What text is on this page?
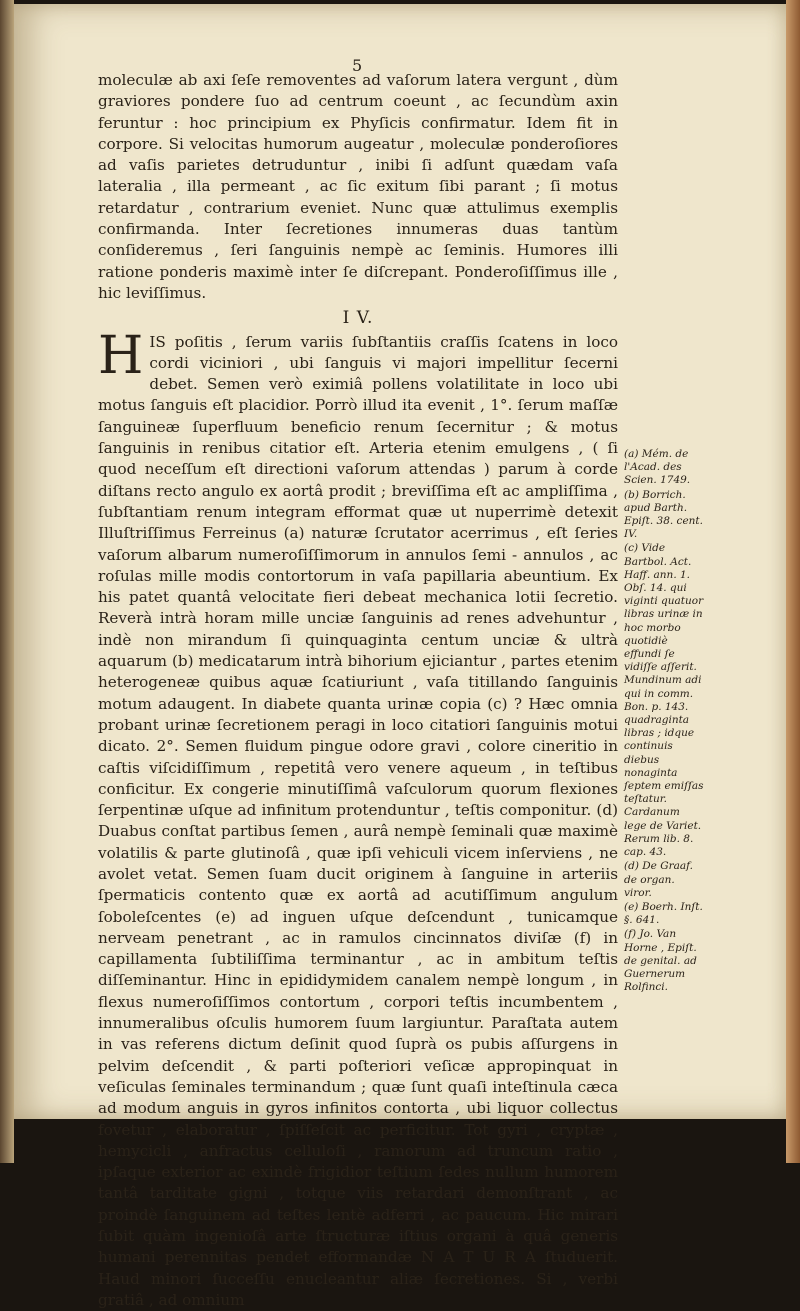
5

moleculæ ab axi ſeſe removentes ad vaſorum latera vergunt , dùm graviores pondere ſuo ad centrum coeunt , ac ſecundùm axin feruntur : hoc principium ex Phyſicis confirmatur. Idem fit in corpore. Si velocitas humorum augeatur , moleculæ ponderoſiores ad vaſis parietes detruduntur , inibi ſi adſunt quædam vaſa lateralia , illa permeant , ac ſic exitum ſibi parant ; ſi motus retardatur , contrarium eveniet. Nunc quæ attulimus exemplis confirmanda. Inter ſecretiones innumeras duas tantùm conſideremus , ſeri ſanguinis nempè ac ſeminis. Humores illi ratione ponderis maximè inter ſe diſcrepant. Ponderoſiſſimus ille , hic leviſſimus.

I V.

HIS poſitis , ſerum variis ſubſtantiis craſſis ſcatens in loco cordi viciniori , ubi ſanguis vi majori impellitur ſecerni debet. Semen verò eximiâ pollens volatilitate in loco ubi motus ſanguis eſt placidior. Porrò illud ita evenit , 1°. ſerum maſſæ ſanguineæ ſuperfluum beneficio renum ſecernitur ; & motus ſanguinis in renibus citatior eſt. Arteria etenim emulgens , ( ſi quod neceſſum eſt directioni vaſorum attendas ) parum à corde diſtans recto angulo ex aortâ prodit ; breviſſima eſt ac ampliſſima , ſubſtantiam renum integram efformat quæ ut nuperrimè detexit Illuſtriſſimus Ferreinus (a) naturæ ſcrutator acerrimus , eſt ſeries vaſorum albarum numeroſiſſimorum in annulos ſemi - annulos , ac roſulas mille modis contortorum in vaſa papillaria abeuntium. Ex his patet quantâ velocitate fieri debeat mechanica lotii ſecretio. Reverà intrà horam mille unciæ ſanguinis ad renes advehuntur , indè non mirandum ſi quinquaginta centum unciæ & ultrà aquarum (b) medicatarum intrà bihorium ejiciantur , partes etenim heterogeneæ quibus aquæ ſcatiuriunt , vaſa titillando ſanguinis motum adaugent. In diabete quanta urinæ copia (c) ? Hæc omnia probant urinæ ſecretionem peragi in loco citatiori ſanguinis motui dicato. 2°. Semen fluidum pingue odore gravi , colore cineritio in caſtis viſcidiſſimum , repetitâ vero venere aqueum , in teſtibus conficitur. Ex congerie minutiſſimâ vaſculorum quorum flexiones ſerpentinæ uſque ad infinitum protenduntur , teſtis componitur. (d) Duabus conſtat partibus ſemen , aurâ nempè ſeminali quæ maximè volatilis & parte glutinoſâ , quæ ipſi vehiculi vicem inſerviens , ne avolet vetat. Semen ſuam ducit originem à ſanguine in arteriis ſpermaticis contento quæ ex aortâ ad acutiſſimum angulum ſoboleſcentes (e) ad inguen uſque deſcendunt , tunicamque nerveam penetrant , ac in ramulos cincinnatos diviſæ (f) in capillamenta ſubtiliſſima terminantur , ac in ambitum teſtis diſſeminantur. Hinc in epididymidem canalem nempè longum , in flexus numeroſiſſimos contortum , corpori teſtis incumbentem , innumeralibus oſculis humorem ſuum largiuntur. Paraſtata autem in vas referens dictum deſinit quod ſuprà os pubis aſſurgens in pelvim deſcendit , & parti poſteriori veſicæ appropinquat in veſiculas ſeminales terminandum ; quæ ſunt quaſi inteſtinula cæca ad modum anguis in gyros infinitos contorta , ubi liquor collectus fovetur , elaboratur , ſpiſſeſcit ac perficitur. Tot gyri , cryptæ , hemycicli , anfractus celluloſi , ramorum ad truncum ratio , ipſaque exterior ac exindè frigidior teſtium ſedes nullum humorem tantâ tarditate gigni , totque viis retardari demonſtrant , ac proindè ſanguinem ad teſtes lentè adferri , ac paucum. Hic mirari ſubit quàm ingenioſâ arte ſtructuræ iſtius organi à quâ generis humani perennitas pendet efformandæ N A T U R A ſtuduerit. Haud minori ſucceſſu enucleantur aliæ ſecretiones. Si , verbi gratiâ , ad omnium

(a) Mém. de l'Acad. des Scien. 1749.
(b) Borrich. apud Barth. Epiſt. 38. cent. IV.
(c) Vide Bartbol. Act. Haff. ann. 1. Obſ. 14. qui viginti quatuor libras urinæ in hoc morbo quotidiè effundi ſe vidiſſe aſſerit. Mundinum adi qui in comm. Bon. p. 143. quadraginta libras ; idque continuis diebus nonaginta ſeptem emiſſas teſtatur. Cardanum lege de Variet. Rerum lib. 8. cap. 43.
(d) De Graaf. de organ. viror.
(e) Boerh. Inſt. §. 641.
(f) Jo. Van Horne , Epiſt. de genital. ad Guernerum Rolfinci.
